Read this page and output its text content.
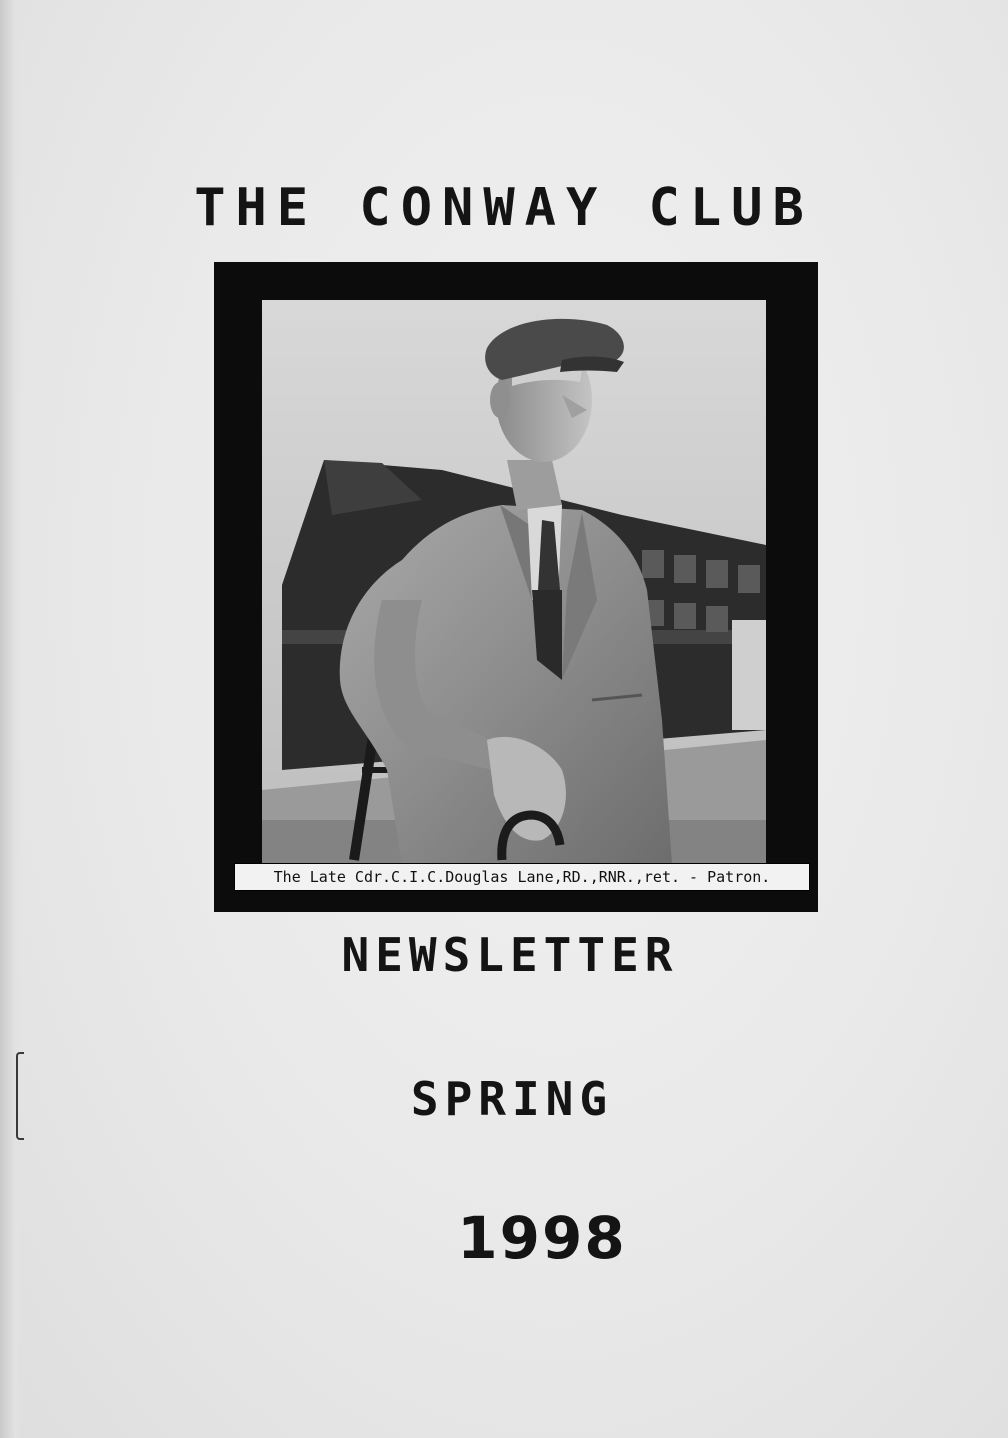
THE CONWAY CLUB
The Late Cdr.C.I.C.Douglas Lane,RD.,RNR.,ret. - Patron.
NEWSLETTER
SPRING
1998
